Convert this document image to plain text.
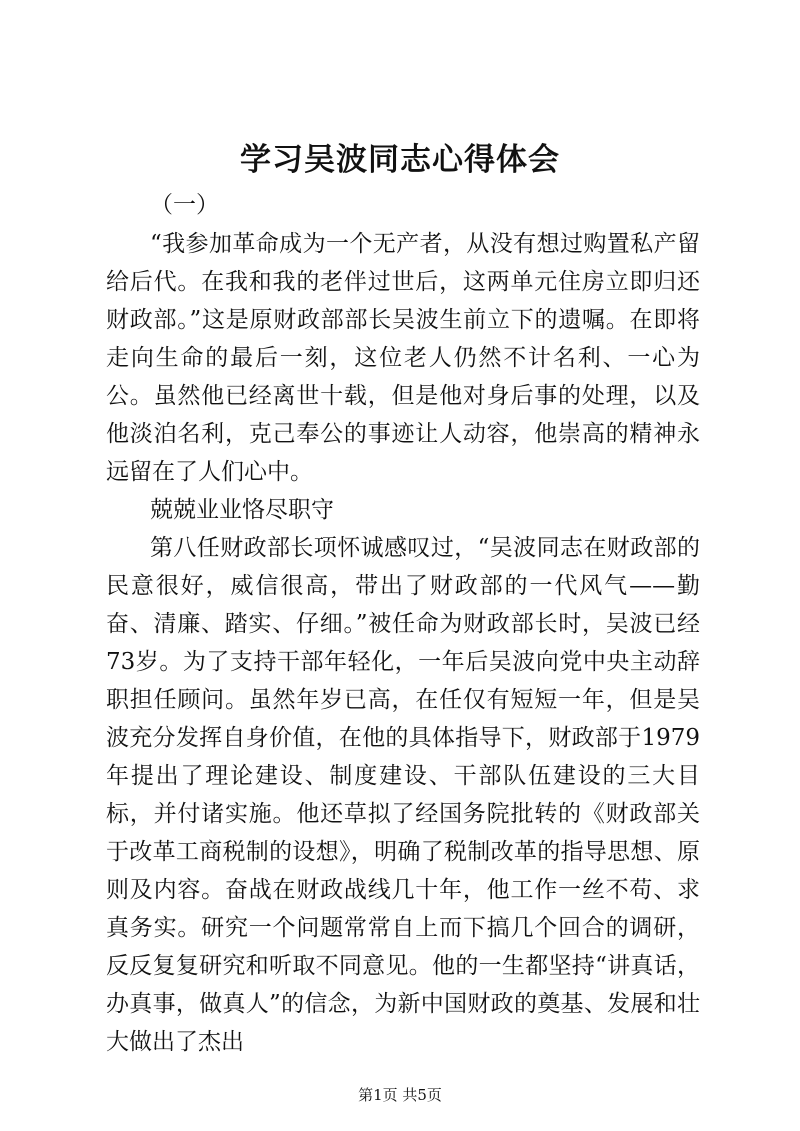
学习吴波同志心得体会
（一）

“我参加革命成为一个无产者，从没有想过购置私产留给后代。在我和我的老伴过世后，这两单元住房立即归还财政部。”这是原财政部部长吴波生前立下的遗嘱。在即将走向生命的最后一刻，这位老人仍然不计名利、一心为公。虽然他已经离世十载，但是他对身后事的处理，以及他淡泊名利，克己奉公的事迹让人动容，他崇高的精神永远留在了人们心中。

兢兢业业恪尽职守

第八任财政部长项怀诚感叹过，“吴波同志在财政部的民意很好，威信很高，带出了财政部的一代风气——勤奋、清廉、踏实、仔细。”被任命为财政部长时，吴波已经73岁。为了支持干部年轻化，一年后吴波向党中央主动辞职担任顾问。虽然年岁已高，在任仅有短短一年，但是吴波充分发挥自身价值，在他的具体指导下，财政部于1979年提出了理论建设、制度建设、干部队伍建设的三大目标，并付诸实施。他还草拟了经国务院批转的《财政部关于改革工商税制的设想》，明确了税制改革的指导思想、原则及内容。奋战在财政战线几十年，他工作一丝不苟、求真务实。研究一个问题常常自上而下搞几个回合的调研，反反复复研究和听取不同意见。他的一生都坚持“讲真话，办真事，做真人”的信念，为新中国财政的奠基、发展和壮大做出了杰出

第1页 共5页
